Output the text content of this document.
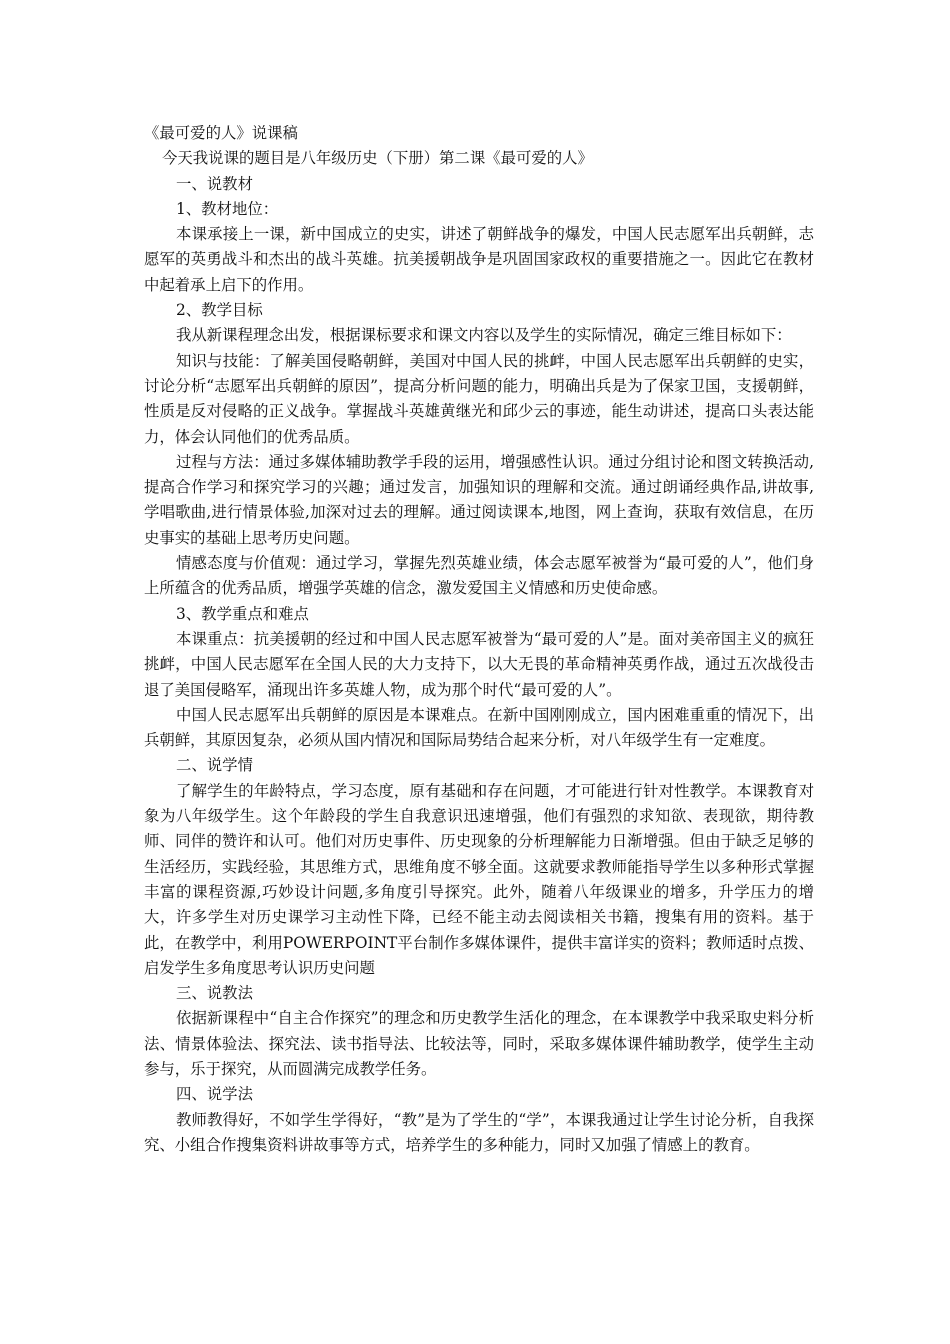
《最可爱的人》说课稿

今天我说课的题目是八年级历史（下册）第二课《最可爱的人》

一、说教材

1、教材地位：

本课承接上一课，新中国成立的史实，讲述了朝鲜战争的爆发，中国人民志愿军出兵朝鲜，志愿军的英勇战斗和杰出的战斗英雄。抗美援朝战争是巩固国家政权的重要措施之一。因此它在教材中起着承上启下的作用。

2、教学目标

我从新课程理念出发，根据课标要求和课文内容以及学生的实际情况，确定三维目标如下：

知识与技能：了解美国侵略朝鲜，美国对中国人民的挑衅，中国人民志愿军出兵朝鲜的史实，讨论分析“志愿军出兵朝鲜的原因”，提高分析问题的能力，明确出兵是为了保家卫国，支援朝鲜，性质是反对侵略的正义战争。掌握战斗英雄黄继光和邱少云的事迹，能生动讲述，提高口头表达能力，体会认同他们的优秀品质。

过程与方法：通过多媒体辅助教学手段的运用，增强感性认识。通过分组讨论和图文转换活动,提高合作学习和探究学习的兴趣；通过发言，加强知识的理解和交流。通过朗诵经典作品,讲故事,学唱歌曲,进行情景体验,加深对过去的理解。通过阅读课本,地图，网上查询，获取有效信息，在历史事实的基础上思考历史问题。

情感态度与价值观：通过学习，掌握先烈英雄业绩，体会志愿军被誉为“最可爱的人”，他们身上所蕴含的优秀品质，增强学英雄的信念，激发爱国主义情感和历史使命感。

3、教学重点和难点

本课重点：抗美援朝的经过和中国人民志愿军被誉为“最可爱的人”是。面对美帝国主义的疯狂挑衅，中国人民志愿军在全国人民的大力支持下，以大无畏的革命精神英勇作战，通过五次战役击退了美国侵略军，涌现出许多英雄人物，成为那个时代“最可爱的人”。

中国人民志愿军出兵朝鲜的原因是本课难点。在新中国刚刚成立，国内困难重重的情况下，出兵朝鲜，其原因复杂，必须从国内情况和国际局势结合起来分析，对八年级学生有一定难度。

二、说学情

了解学生的年龄特点，学习态度，原有基础和存在问题，才可能进行针对性教学。本课教育对象为八年级学生。这个年龄段的学生自我意识迅速增强，他们有强烈的求知欲、表现欲，期待教师、同伴的赞许和认可。他们对历史事件、历史现象的分析理解能力日渐增强。但由于缺乏足够的生活经历，实践经验，其思维方式，思维角度不够全面。这就要求教师能指导学生以多种形式掌握丰富的课程资源,巧妙设计问题,多角度引导探究。此外，随着八年级课业的增多，升学压力的增大，许多学生对历史课学习主动性下降，已经不能主动去阅读相关书籍，搜集有用的资料。基于此，在教学中，利用POWERPOINT平台制作多媒体课件，提供丰富详实的资料；教师适时点拨、启发学生多角度思考认识历史问题

三、说教法

依据新课程中“自主合作探究”的理念和历史教学生活化的理念，在本课教学中我采取史料分析法、情景体验法、探究法、读书指导法、比较法等，同时，采取多媒体课件辅助教学，使学生主动参与，乐于探究，从而圆满完成教学任务。

四、说学法

教师教得好，不如学生学得好，“教”是为了学生的“学”，本课我通过让学生讨论分析，自我探究、小组合作搜集资料讲故事等方式，培养学生的多种能力，同时又加强了情感上的教育。
